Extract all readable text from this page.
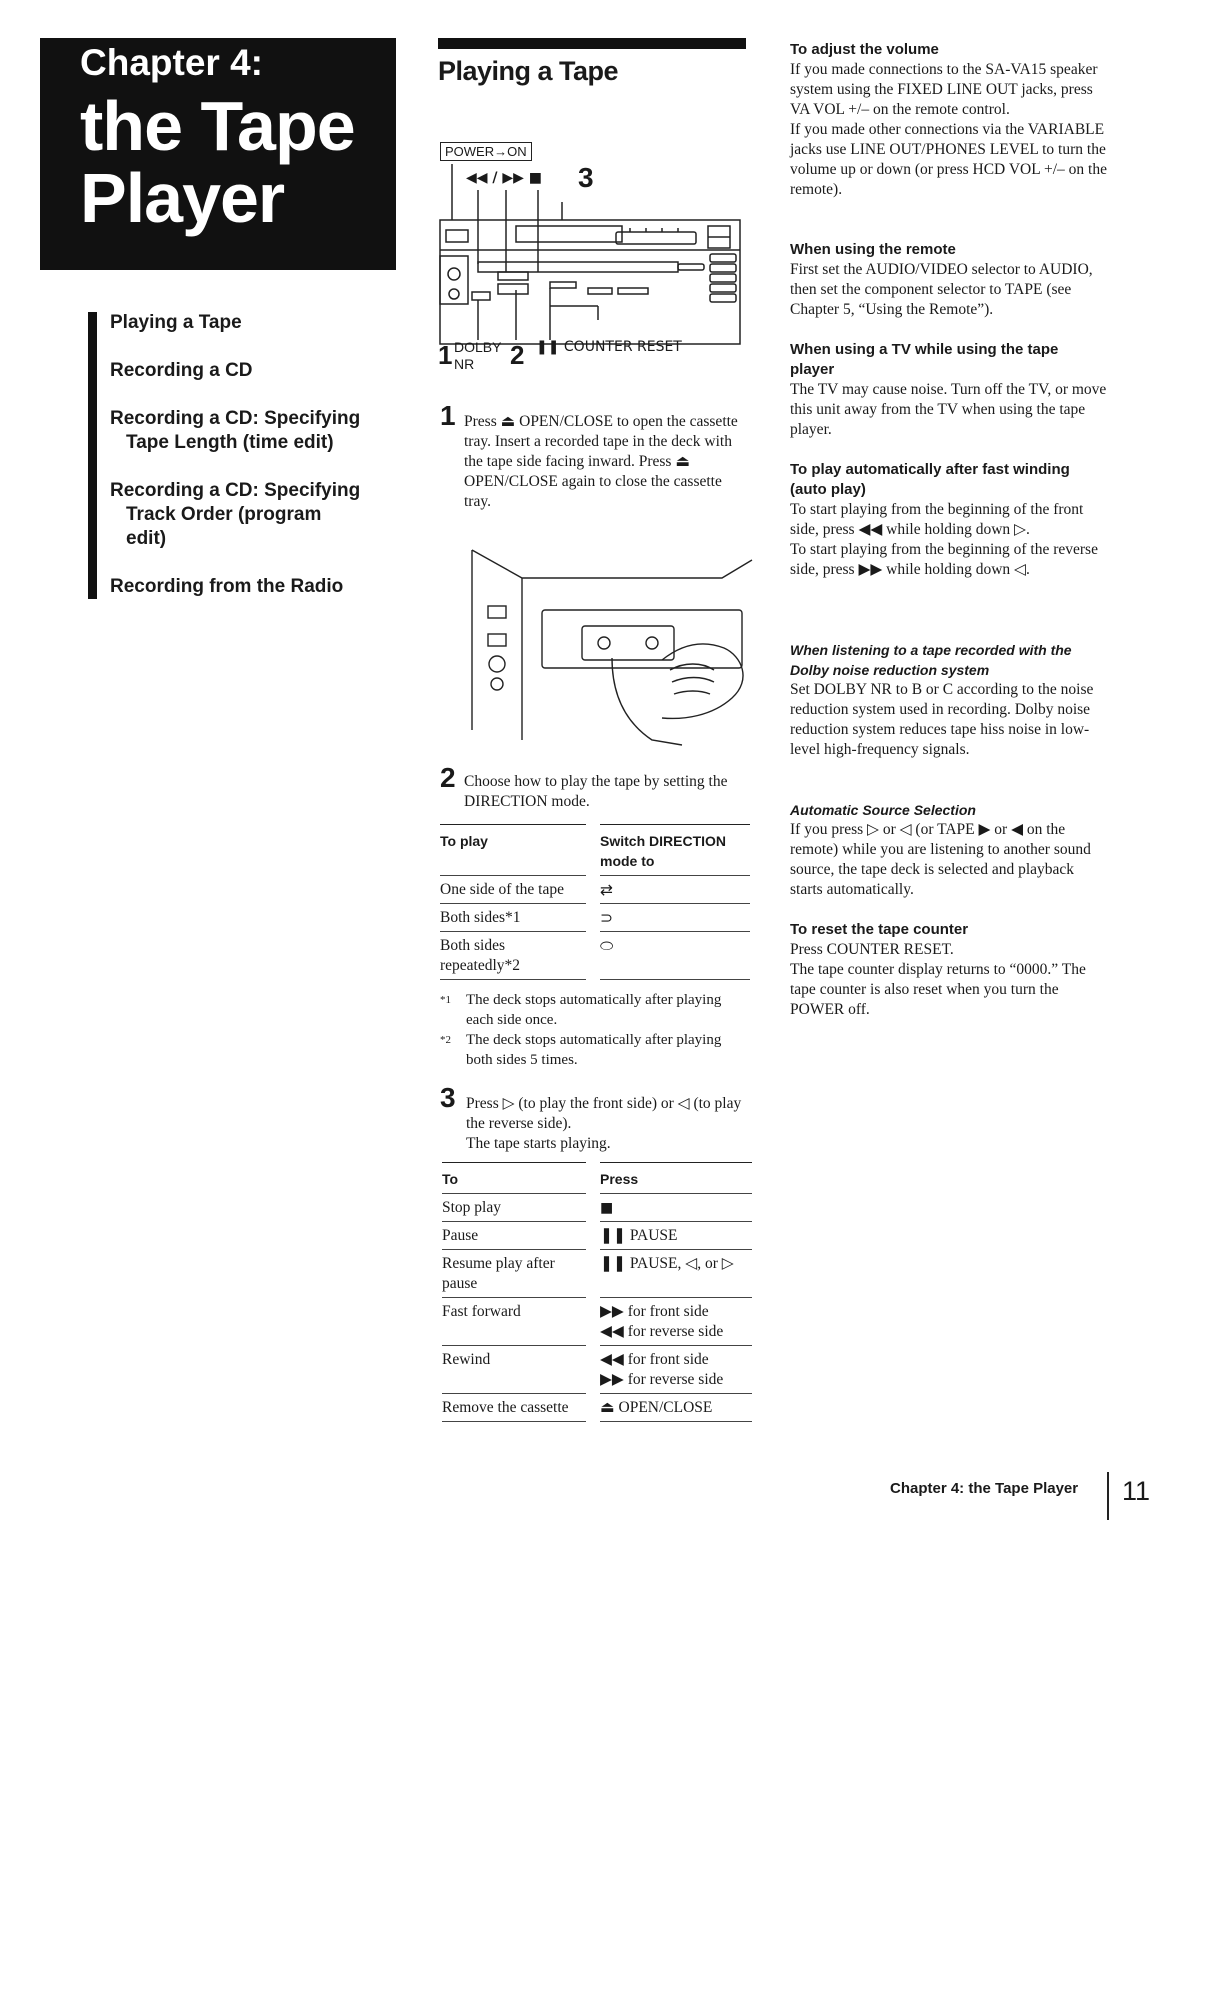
Chapter 4:
the Tape
Player
Playing a Tape
Recording a CD
Recording a CD: Specifying
Tape Length (time edit)
Recording a CD: Specifying
Track Order (program
edit)
Recording from the Radio
Playing a Tape
POWER→ON
◀◀ / ▶▶ ■ 3
1 DOLBY
NR	2 ❚❚ COUNTER RESET
1 Press ⏏ OPEN/CLOSE to open the cassette tray. Insert a recorded tape in the deck with the tape side facing inward. Press ⏏ OPEN/CLOSE again to close the cassette tray.
2 Choose how to play the tape by setting the DIRECTION mode.
To play		Switch DIRECTION mode to
One side of the tape		⇄
Both sides*1		⊃
Both sides repeatedly*2		⬭
*1	The deck stops automatically after playing each side once.
*2	The deck stops automatically after playing both sides 5 times.
3 Press ▷ (to play the front side) or ◁ (to play the reverse side).
The tape starts playing.
To		Press
Stop play		■
Pause		❚❚ PAUSE
Resume play after pause		❚❚ PAUSE, ◁, or ▷
Fast forward		▶▶ for front side
◀◀ for reverse side
Rewind		◀◀ for front side
▶▶ for reverse side
Remove the cassette		⏏ OPEN/CLOSE
To adjust the volume
If you made connections to the SA-VA15 speaker system using the FIXED LINE OUT jacks, press VA VOL +/– on the remote control.
If you made other connections via the VARIABLE jacks use LINE OUT/PHONES LEVEL to turn the volume up or down (or press HCD VOL +/– on the remote).
When using the remote
First set the AUDIO/VIDEO selector to AUDIO, then set the component selector to TAPE (see Chapter 5, “Using the Remote”).
When using a TV while using the tape player
The TV may cause noise. Turn off the TV, or move this unit away from the TV when using the tape player.
To play automatically after fast winding (auto play)
To start playing from the beginning of the front side, press ◀◀ while holding down ▷.
To start playing from the beginning of the reverse side, press ▶▶ while holding down ◁.
When listening to a tape recorded with the Dolby noise reduction system
Set DOLBY NR to B or C according to the noise reduction system used in recording. Dolby noise reduction system reduces tape hiss noise in low-level high-frequency signals.
Automatic Source Selection
If you press ▷ or ◁ (or TAPE ▶ or ◀ on the remote) while you are listening to another sound source, the tape deck is selected and playback starts automatically.
To reset the tape counter
Press COUNTER RESET.
The tape counter display returns to “0000.” The tape counter is also reset when you turn the POWER off.
Chapter 4: the Tape Player 11
